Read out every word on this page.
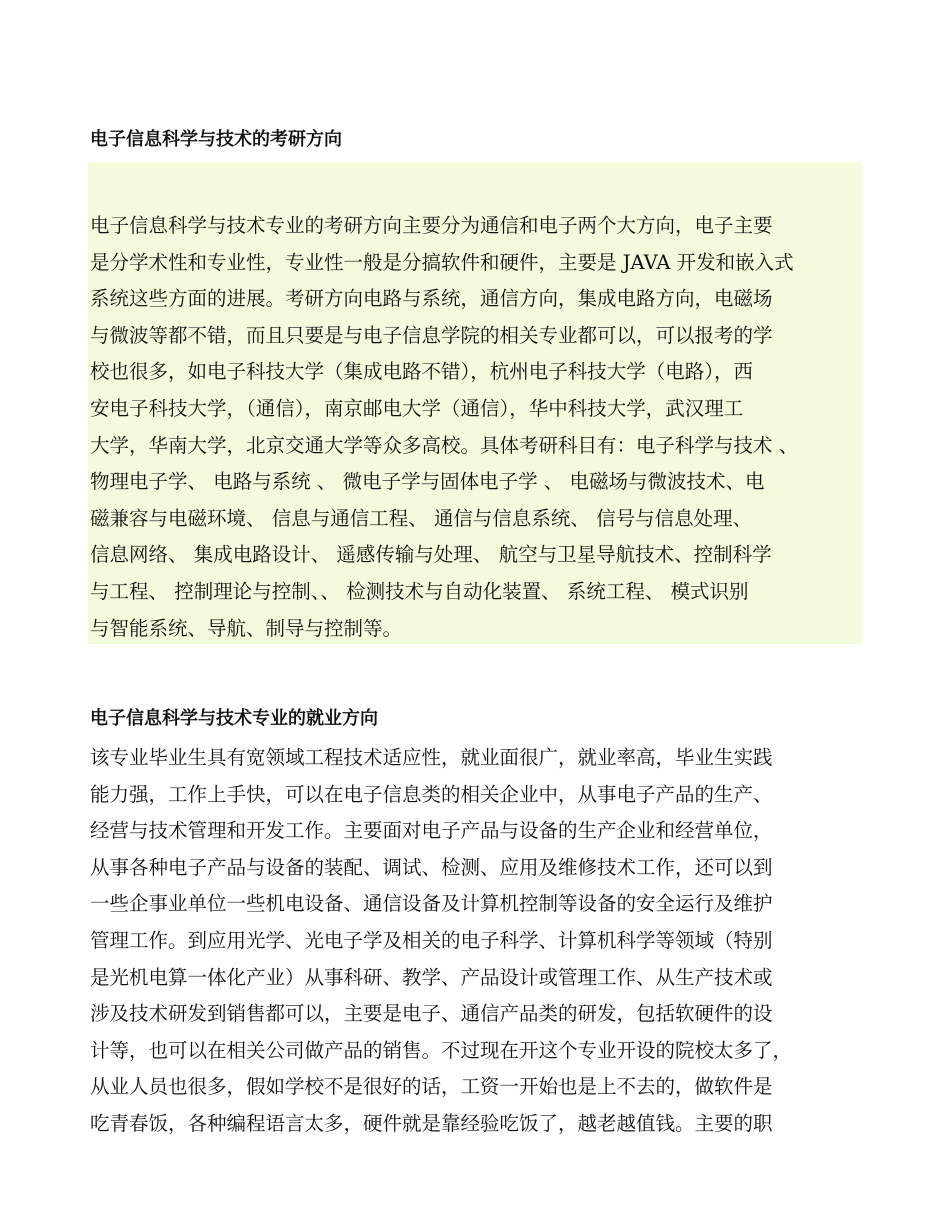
电子信息科学与技术的考研方向
电子信息科学与技术专业的考研方向主要分为通信和电子两个大方向，电子主要
是分学术性和专业性，专业性一般是分搞软件和硬件，主要是 JAVA 开发和嵌入式
系统这些方面的进展。考研方向电路与系统，通信方向，集成电路方向，电磁场
与微波等都不错，而且只要是与电子信息学院的相关专业都可以，可以报考的学
校也很多，如电子科技大学（集成电路不错），杭州电子科技大学（电路），西
安电子科技大学，（通信），南京邮电大学（通信），华中科技大学，武汉理工
大学，华南大学，北京交通大学等众多高校。具体考研科目有：电子科学与技术 、
物理电子学、 电路与系统 、 微电子学与固体电子学 、 电磁场与微波技术、电
磁兼容与电磁环境、 信息与通信工程、 通信与信息系统、 信号与信息处理、
信息网络、 集成电路设计、 遥感传输与处理、 航空与卫星导航技术、控制科学
与工程、 控制理论与控制、、 检测技术与自动化装置、 系统工程、 模式识别
与智能系统、导航、制导与控制等。
电子信息科学与技术专业的就业方向
该专业毕业生具有宽领域工程技术适应性，就业面很广，就业率高，毕业生实践
能力强，工作上手快，可以在电子信息类的相关企业中，从事电子产品的生产、
经营与技术管理和开发工作。主要面对电子产品与设备的生产企业和经营单位，
从事各种电子产品与设备的装配、调试、检测、应用及维修技术工作，还可以到
一些企事业单位一些机电设备、通信设备及计算机控制等设备的安全运行及维护
管理工作。到应用光学、光电子学及相关的电子科学、计算机科学等领域（特别
是光机电算一体化产业）从事科研、教学、产品设计或管理工作、从生产技术或
涉及技术研发到销售都可以，主要是电子、通信产品类的研发，包括软硬件的设
计等，也可以在相关公司做产品的销售。不过现在开这个专业开设的院校太多了，
从业人员也很多，假如学校不是很好的话，工资一开始也是上不去的，做软件是
吃青春饭，各种编程语言太多，硬件就是靠经验吃饭了，越老越值钱。主要的职
